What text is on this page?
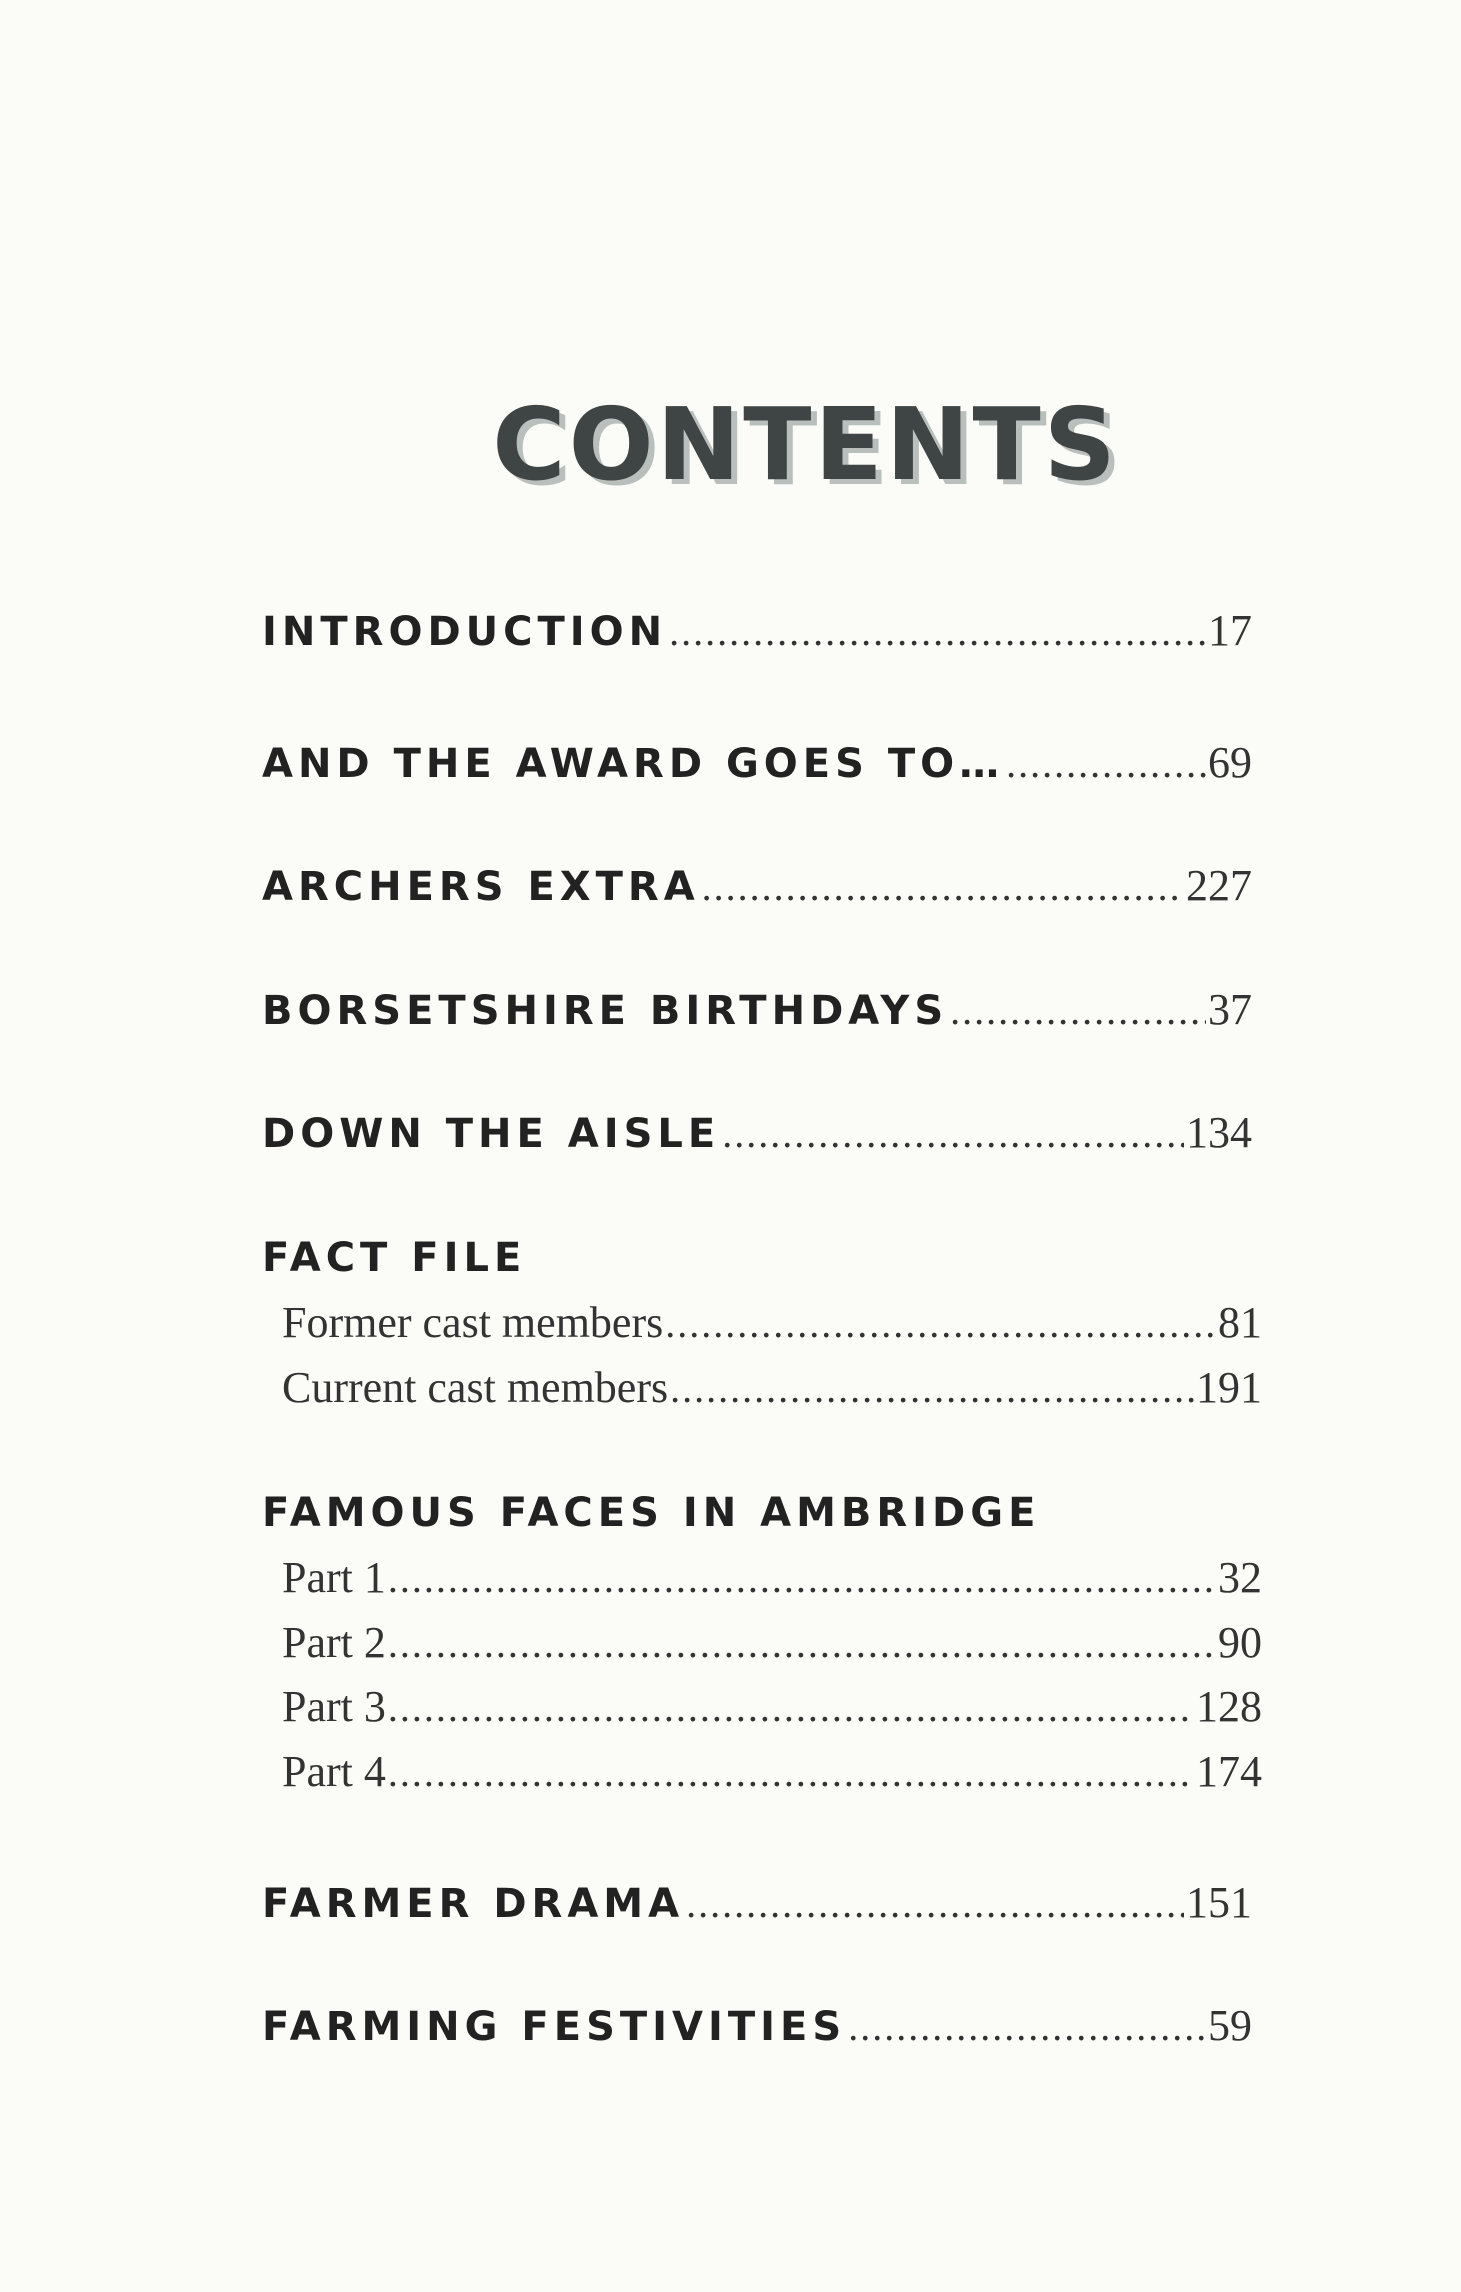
CONTENTS
INTRODUCTION .....	17
AND THE AWARD GOES TO… .....	69
ARCHERS EXTRA .....	227
BORSETSHIRE BIRTHDAYS .....	37
DOWN THE AISLE .....	134
FACT FILE
Former cast members .....	81
Current cast members .....	191
FAMOUS FACES IN AMBRIDGE
Part 1 .....	32
Part 2 .....	90
Part 3 .....	128
Part 4 .....	174
FARMER DRAMA .....	151
FARMING FESTIVITIES .....	59
